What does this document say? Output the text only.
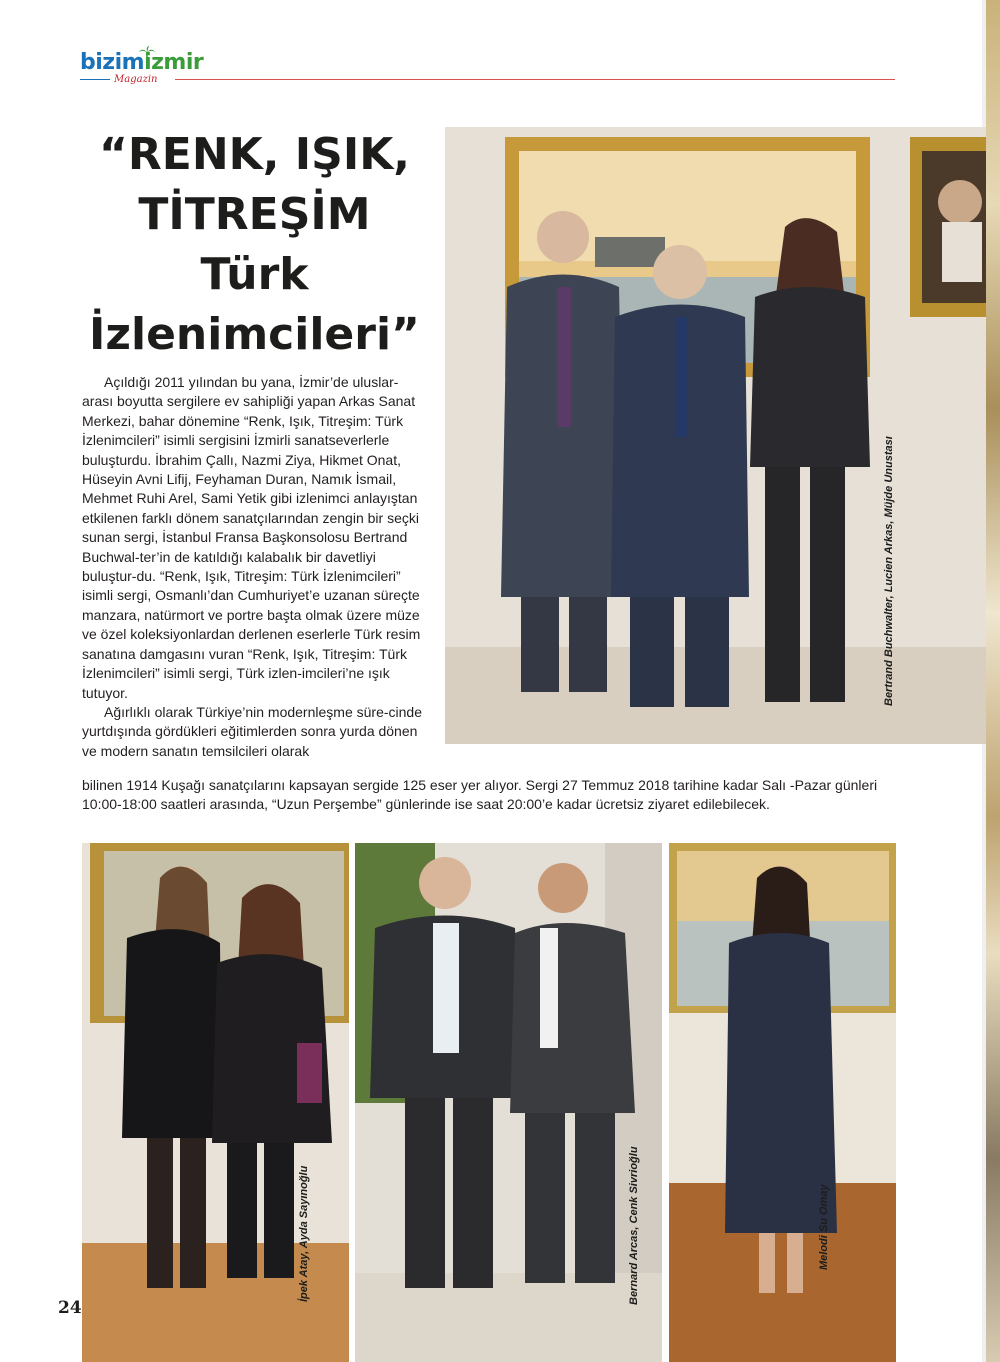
bizimizmir
Magazin
“RENK, IŞIK,
TİTREŞİM
Türk
İzlenimcileri”

Açıldığı 2011 yılından bu yana, İzmir’de uluslar-arası boyutta sergilere ev sahipliği yapan Arkas Sanat Merkezi, bahar dönemine “Renk, Işık, Titreşim: Türk İzlenimcileri” isimli sergisini İzmirli sanatseverlerle buluşturdu. İbrahim Çallı, Nazmi Ziya, Hikmet Onat, Hüseyin Avni Lifij, Feyhaman Duran, Namık İsmail, Mehmet Ruhi Arel, Sami Yetik gibi izlenimci anlayıştan etkilenen farklı dönem sanatçılarından zengin bir seçki sunan sergi, İstanbul Fransa Başkonsolosu Bertrand Buchwal-ter’in de katıldığı kalabalık bir davetliyi buluştur-du. “Renk, Işık, Titreşim: Türk İzlenimcileri” isimli sergi, Osmanlı’dan Cumhuriyet’e uzanan süreçte manzara, natürmort ve portre başta olmak üzere müze ve özel koleksiyonlardan derlenen eserlerle Türk resim sanatına damgasını vuran “Renk, Işık, Titreşim: Türk İzlenimcileri” isimli sergi, Türk izlen-imcileri’ne ışık tutuyor.

Ağırlıklı olarak Türkiye’nin modernleşme süre-cinde yurtdışında gördükleri eğitimlerden sonra yurda dönen ve modern sanatın temsilcileri olarak

bilinen 1914 Kuşağı sanatçılarını kapsayan sergide 125 eser yer alıyor. Sergi 27 Temmuz 2018 tarihine kadar Salı -Pazar günleri 10:00-18:00 saatleri arasında, “Uzun Perşembe” günlerinde ise saat 20:00’e kadar ücretsiz ziyaret edilebilecek.
Bertrand Buchwalter, Lucien Arkas, Müjde Unustası
İpek Atay, Ayda Sayınoğlu	Bernard Arcas, Cenk Sivrioğlu	Melodi Su Omay
24
